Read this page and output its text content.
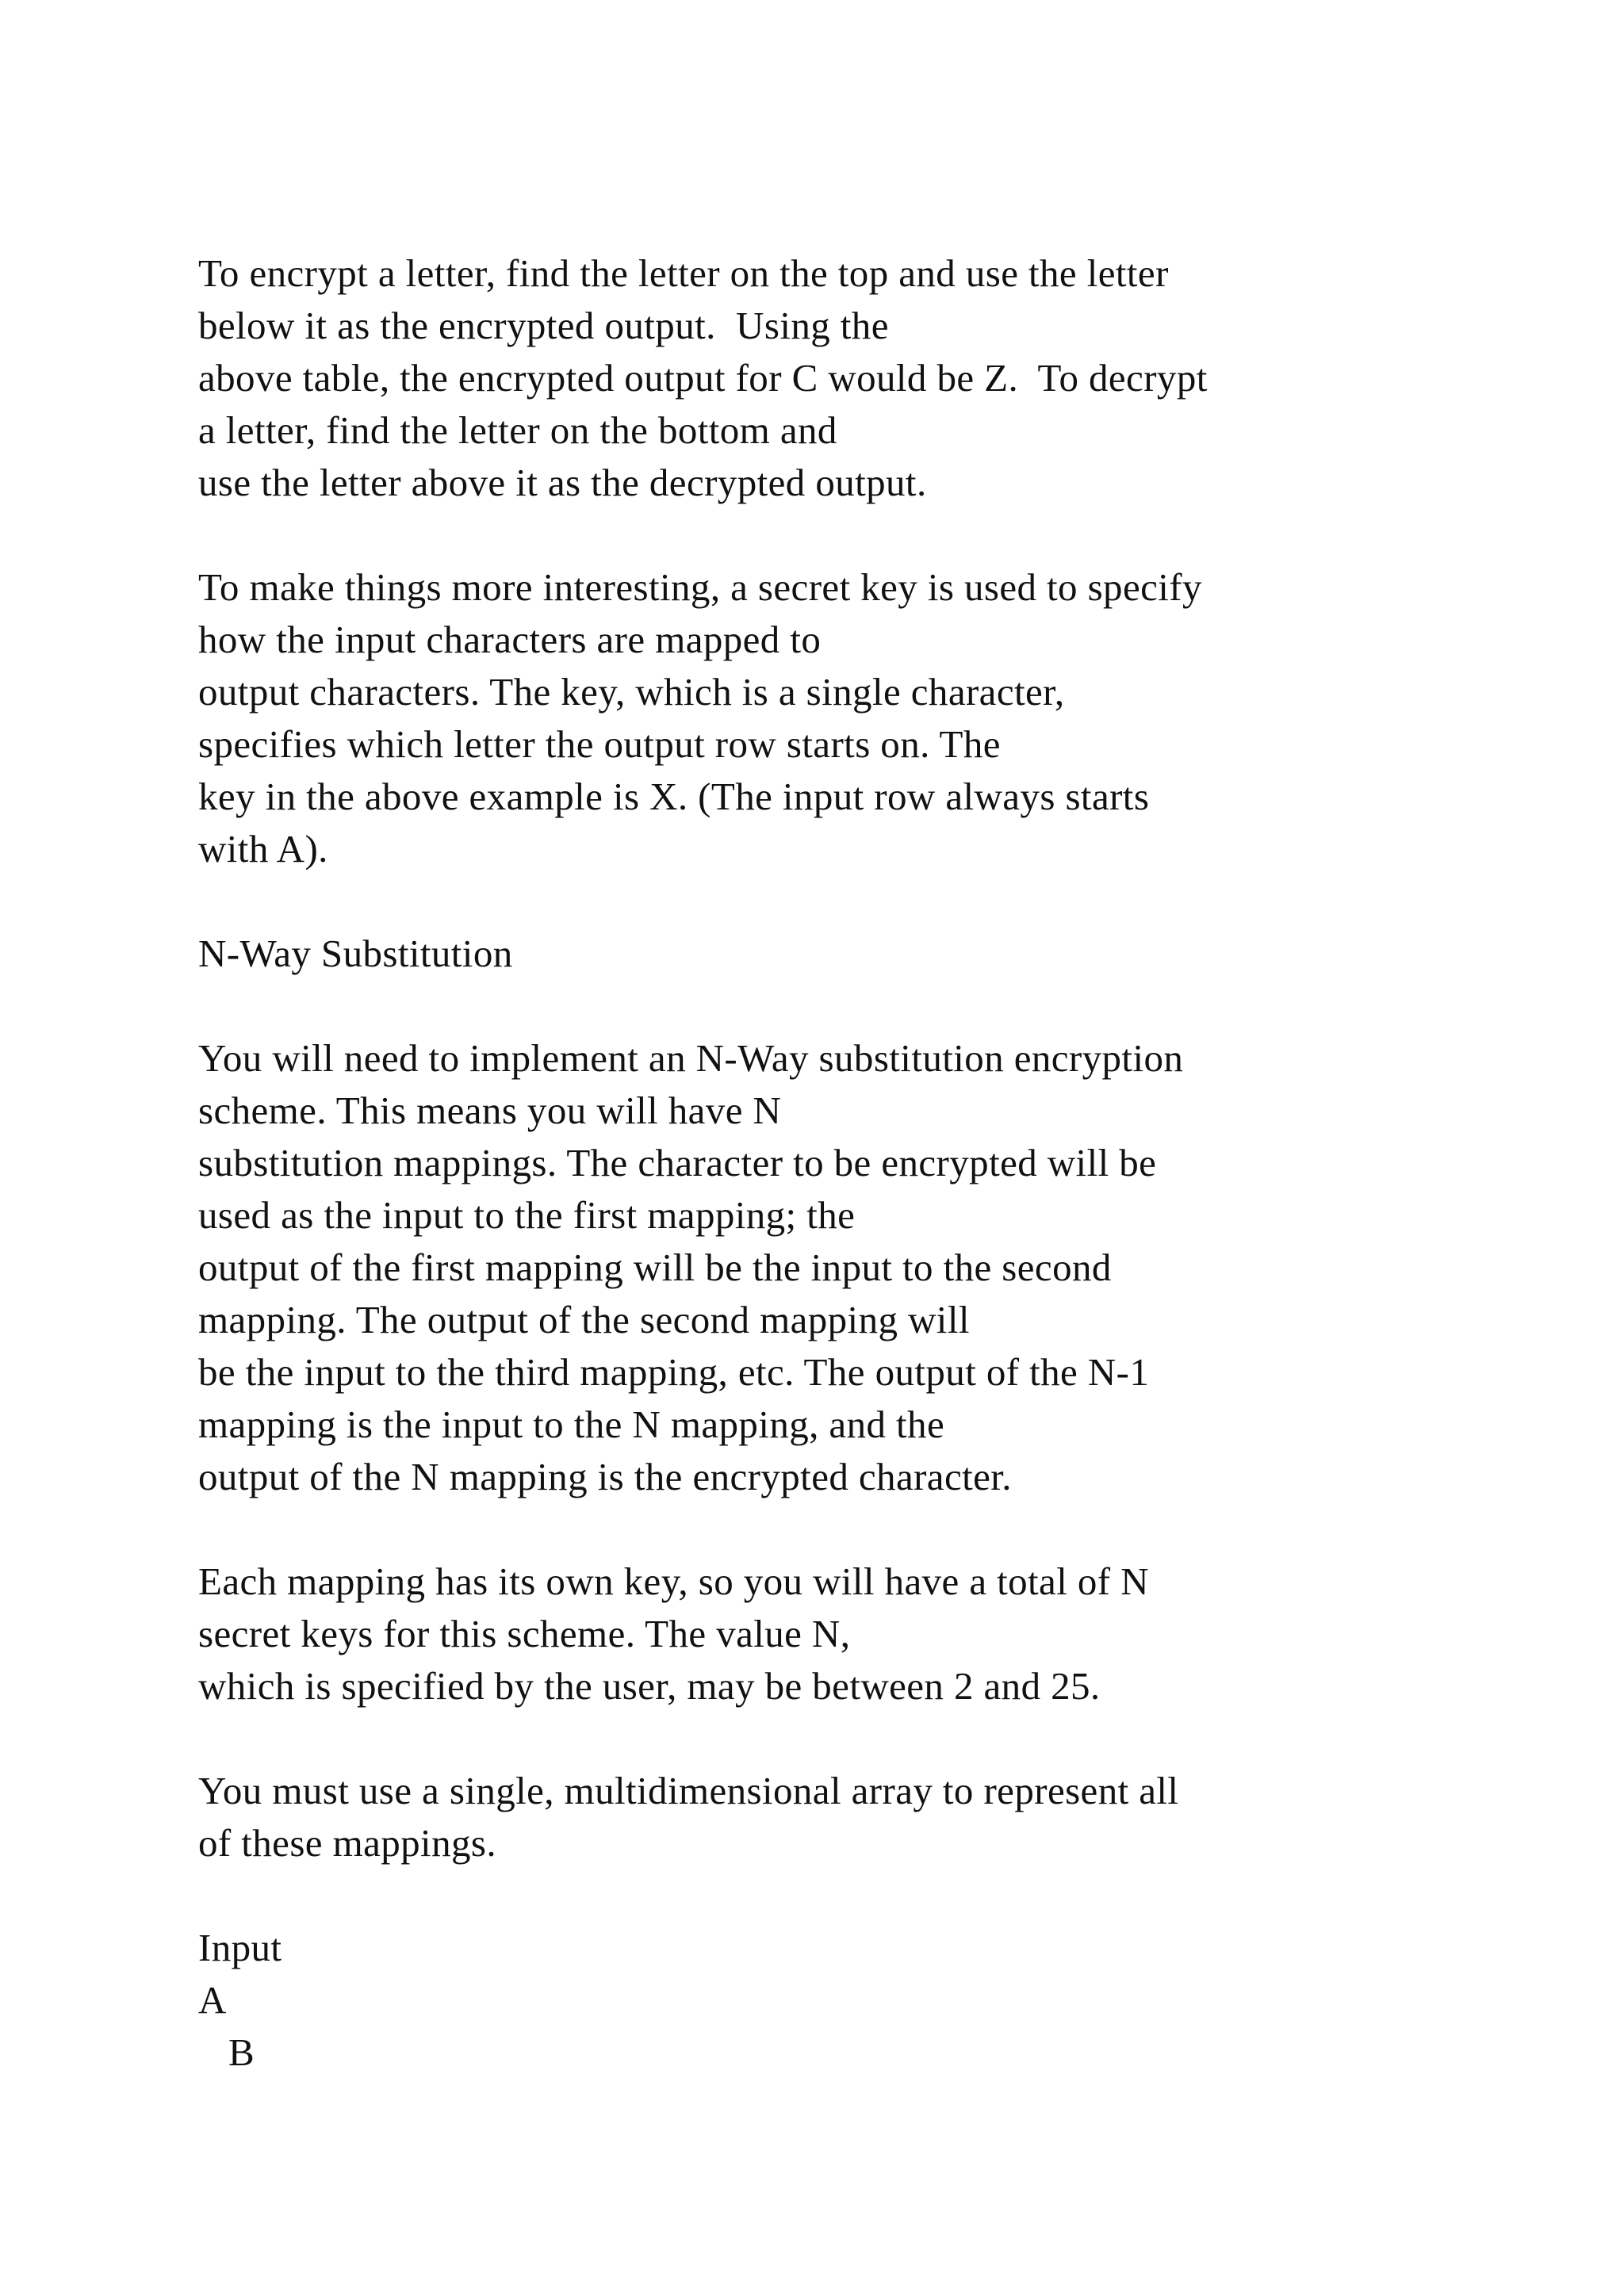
To encrypt a letter, find the letter on the top and use the letter
below it as the encrypted output.  Using the
above table, the encrypted output for C would be Z.  To decrypt
a letter, find the letter on the bottom and
use the letter above it as the decrypted output.
To make things more interesting, a secret key is used to specify
how the input characters are mapped to
output characters. The key, which is a single character,
specifies which letter the output row starts on. The
key in the above example is X. (The input row always starts
with A).
N-Way Substitution
You will need to implement an N-Way substitution encryption
scheme. This means you will have N
substitution mappings. The character to be encrypted will be
used as the input to the first mapping; the
output of the first mapping will be the input to the second
mapping. The output of the second mapping will
be the input to the third mapping, etc. The output of the N-1
mapping is the input to the N mapping, and the
output of the N mapping is the encrypted character.
Each mapping has its own key, so you will have a total of N
secret keys for this scheme. The value N,
which is specified by the user, may be between 2 and 25.
You must use a single, multidimensional array to represent all
of these mappings.
Input
A
B
